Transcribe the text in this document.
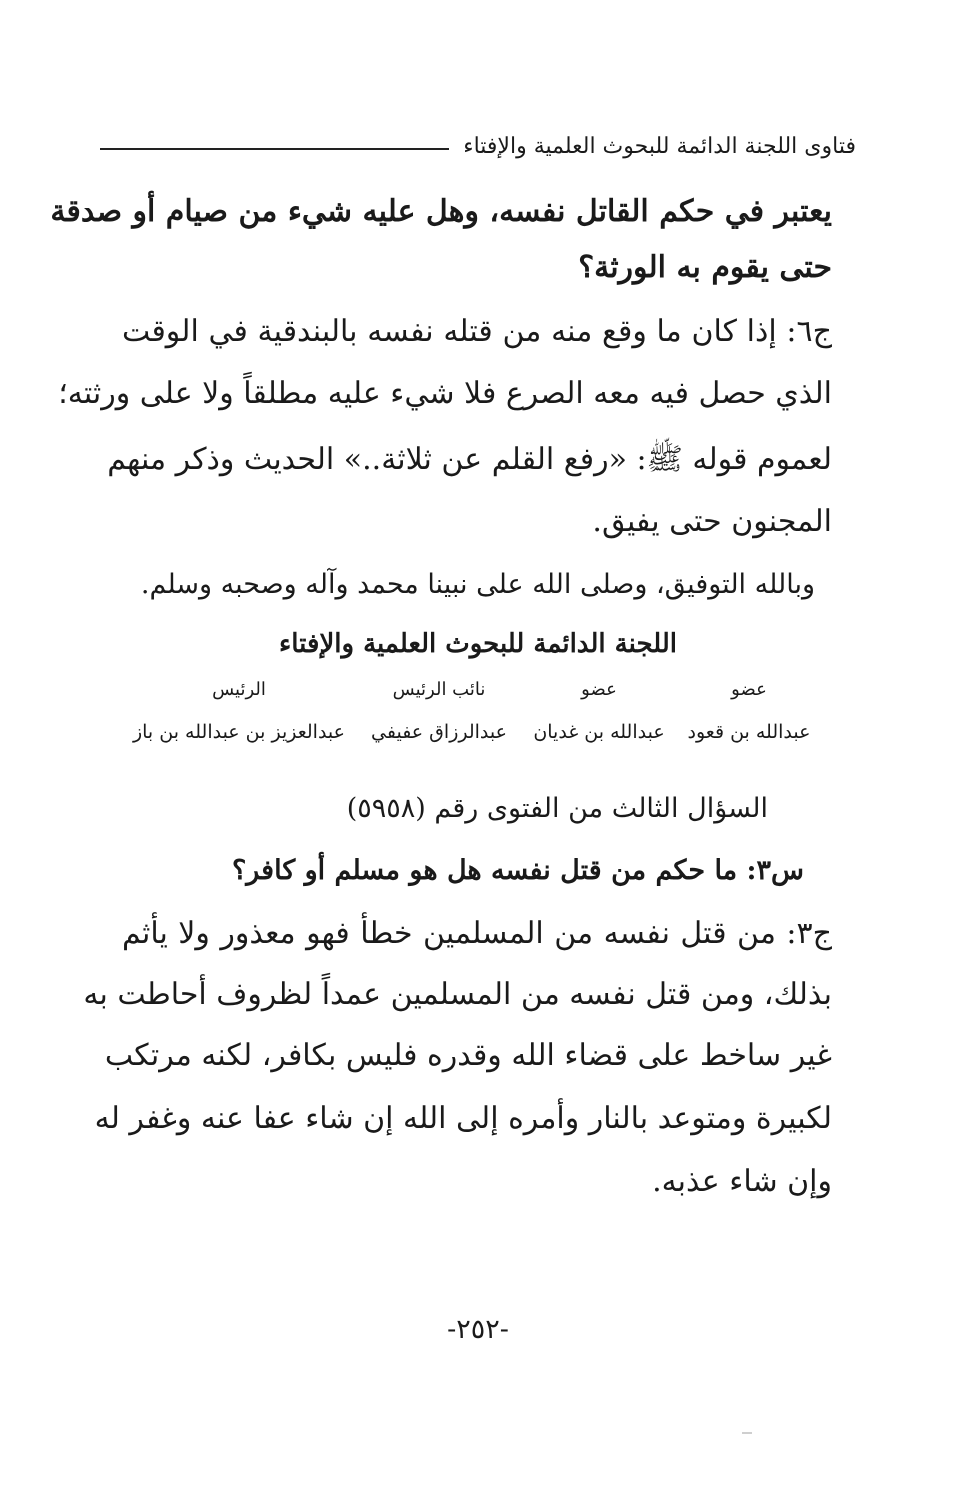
فتاوى اللجنة الدائمة للبحوث العلمية والإفتاء
يعتبر في حكم القاتل نفسه، وهل عليه شيء من صيام أو صدقة
حتى يقوم به الورثة؟
ج٦: إذا كان ما وقع منه من قتله نفسه بالبندقية في الوقت
الذي حصل فيه معه الصرع فلا شيء عليه مطلقاً ولا على ورثته؛
لعموم قوله ﷺ: «رفع القلم عن ثلاثة..» الحديث وذكر منهم
المجنون حتى يفيق.
وبالله التوفيق، وصلى الله على نبينا محمد وآله وصحبه وسلم.
اللجنة الدائمة للبحوث العلمية والإفتاء
عضو
عضو
نائب الرئيس
الرئيس
عبدالله بن قعود
عبدالله بن غديان
عبدالرزاق عفيفي
عبدالعزيز بن عبدالله بن باز
السؤال الثالث من الفتوى رقم (٥٩٥٨)
س٣: ما حكم من قتل نفسه هل هو مسلم أو كافر؟
ج٣: من قتل نفسه من المسلمين خطأ فهو معذور ولا يأثم
بذلك، ومن قتل نفسه من المسلمين عمداً لظروف أحاطت به
غير ساخط على قضاء الله وقدره فليس بكافر، لكنه مرتكب
لكبيرة ومتوعد بالنار وأمره إلى الله إن شاء عفا عنه وغفر له
وإن شاء عذبه.
-٢٥٢-
